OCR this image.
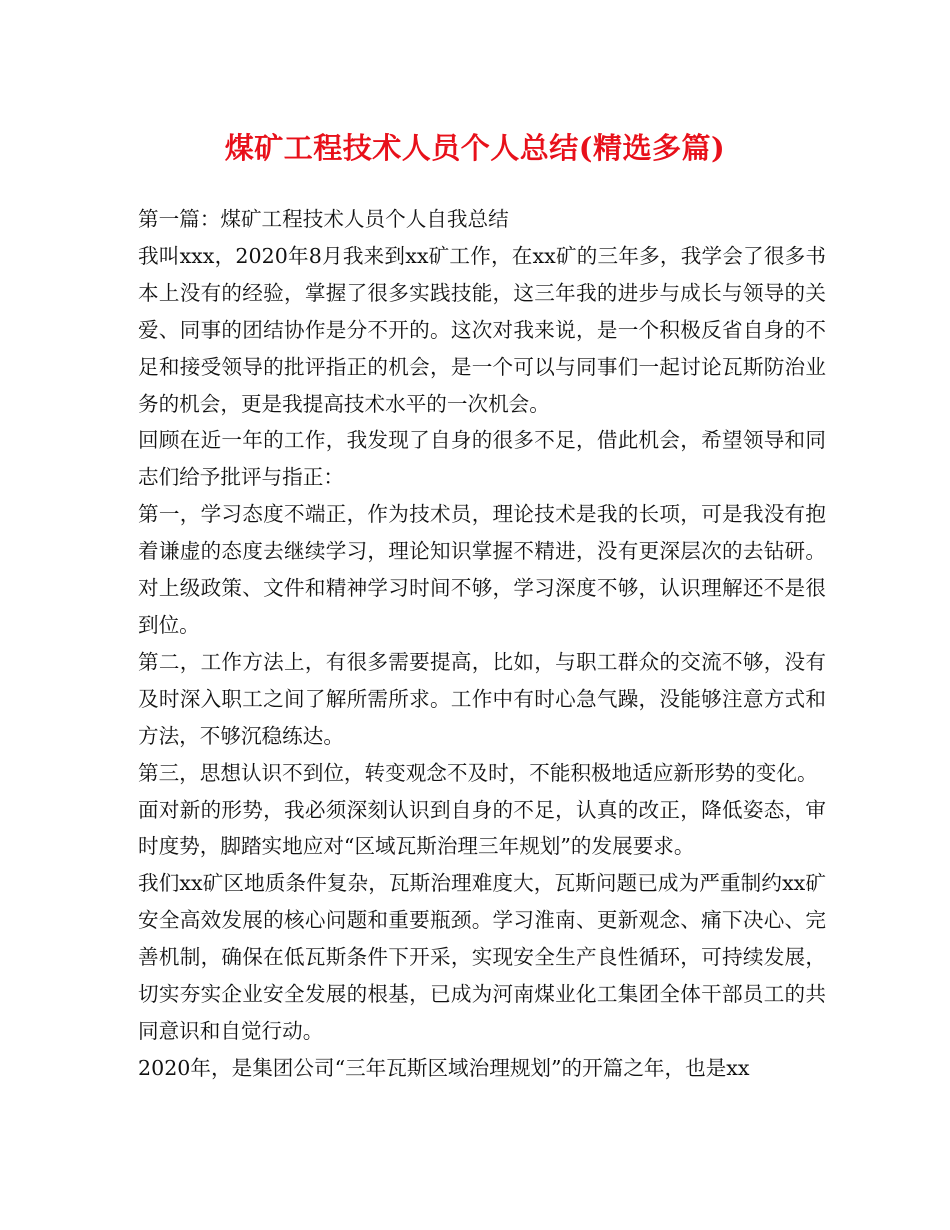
煤矿工程技术人员个人总结(精选多篇)

第一篇：煤矿工程技术人员个人自我总结

我叫xxx，2020年8月我来到xx矿工作，在xx矿的三年多，我学会了很多书本上没有的经验，掌握了很多实践技能，这三年我的进步与成长与领导的关爱、同事的团结协作是分不开的。这次对我来说，是一个积极反省自身的不足和接受领导的批评指正的机会，是一个可以与同事们一起讨论瓦斯防治业务的机会，更是我提高技术水平的一次机会。

回顾在近一年的工作，我发现了自身的很多不足，借此机会，希望领导和同志们给予批评与指正：

第一，学习态度不端正，作为技术员，理论技术是我的长项，可是我没有抱着谦虚的态度去继续学习，理论知识掌握不精进，没有更深层次的去钻研。对上级政策、文件和精神学习时间不够，学习深度不够，认识理解还不是很到位。

第二，工作方法上，有很多需要提高，比如，与职工群众的交流不够，没有及时深入职工之间了解所需所求。工作中有时心急气躁，没能够注意方式和方法，不够沉稳练达。

第三，思想认识不到位，转变观念不及时，不能积极地适应新形势的变化。

面对新的形势，我必须深刻认识到自身的不足，认真的改正，降低姿态，审时度势，脚踏实地应对“区域瓦斯治理三年规划”的发展要求。

我们xx矿区地质条件复杂，瓦斯治理难度大，瓦斯问题已成为严重制约xx矿安全高效发展的核心问题和重要瓶颈。学习淮南、更新观念、痛下决心、完善机制，确保在低瓦斯条件下开采，实现安全生产良性循环，可持续发展，切实夯实企业安全发展的根基，已成为河南煤业化工集团全体干部员工的共同意识和自觉行动。

2020年，是集团公司“三年瓦斯区域治理规划”的开篇之年，也是xx
